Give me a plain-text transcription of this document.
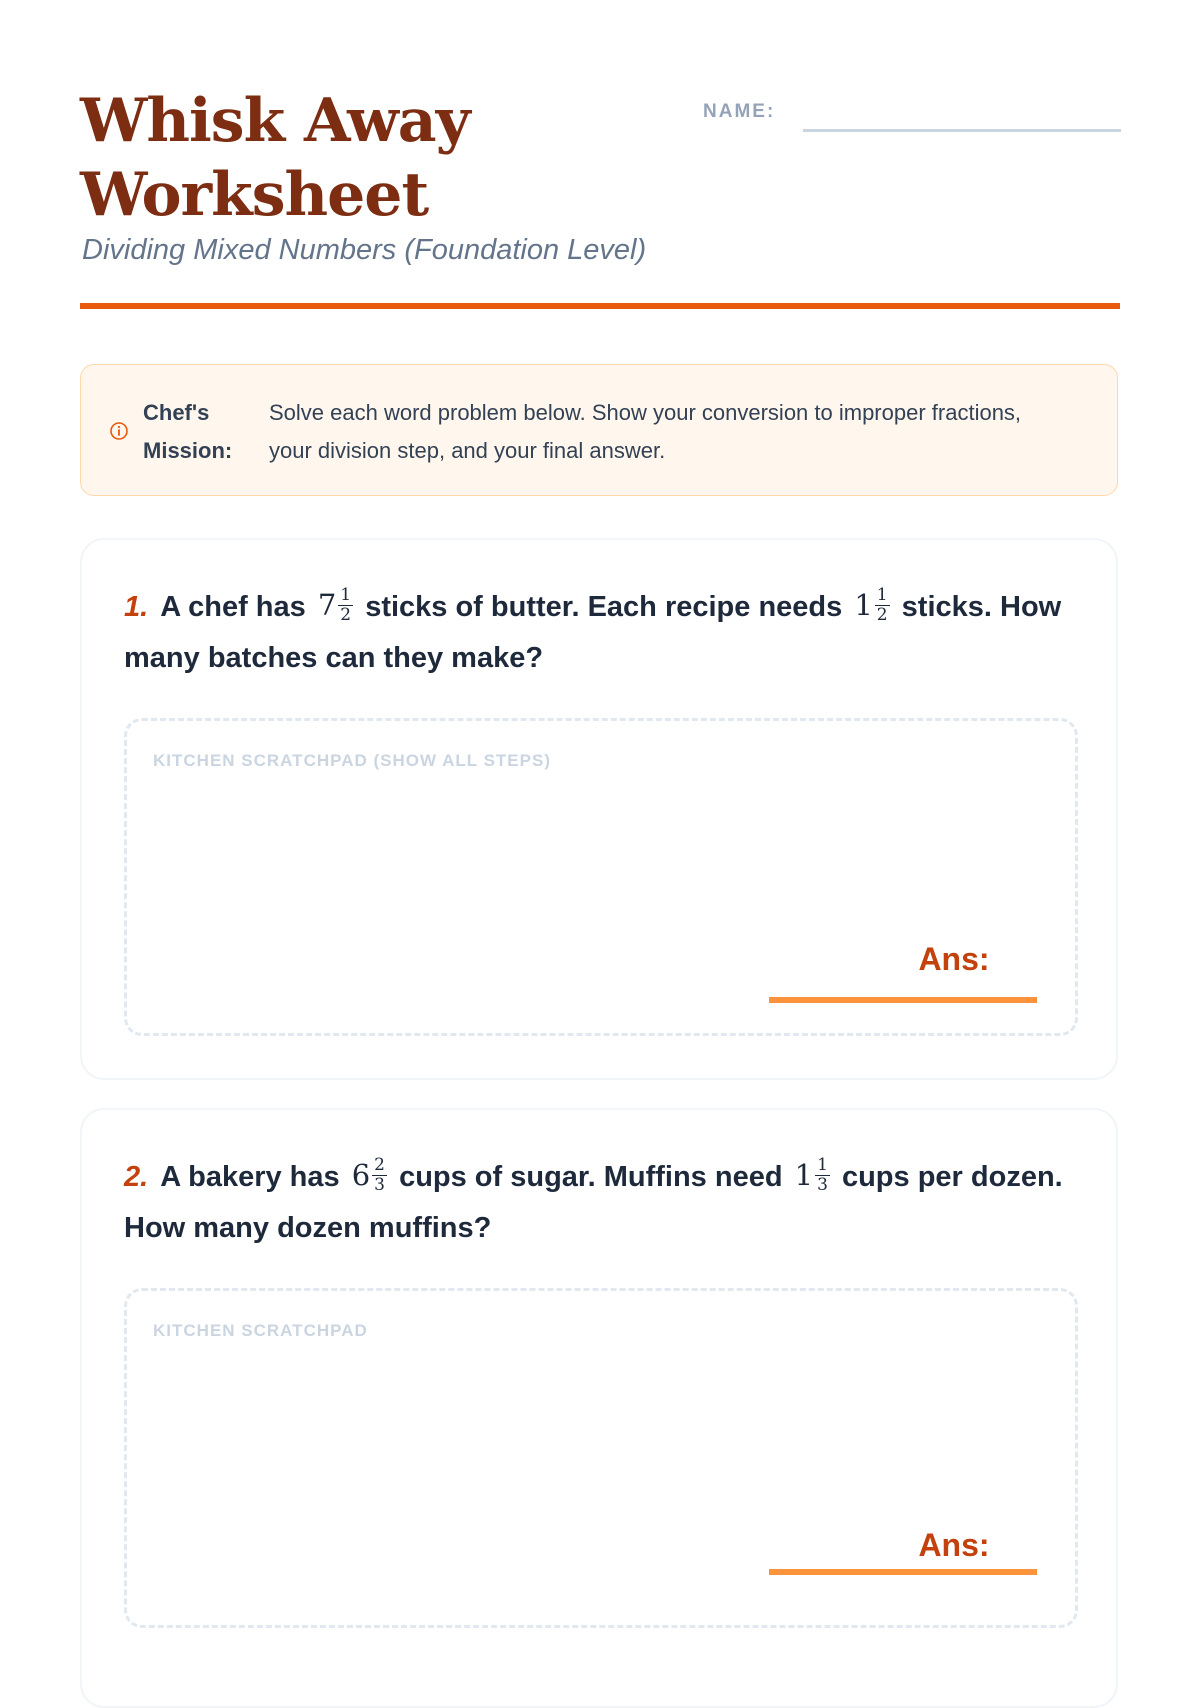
Whisk Away
Worksheet
Dividing Mixed Numbers (Foundation Level)
NAME:
Chef's
Mission:
Solve each word problem below. Show your conversion to improper fractions, your division step, and your final answer.
1. A chef has $7 \frac{1}{2}$ sticks of butter. Each recipe needs $1 \frac{1}{2}$ sticks. How many batches can they make?
KITCHEN SCRATCHPAD (SHOW ALL STEPS)
Ans:
2. A bakery has $6 \frac{2}{3}$ cups of sugar. Muffins need $1 \frac{1}{3}$ cups per dozen. How many dozen muffins?
KITCHEN SCRATCHPAD
Ans:
